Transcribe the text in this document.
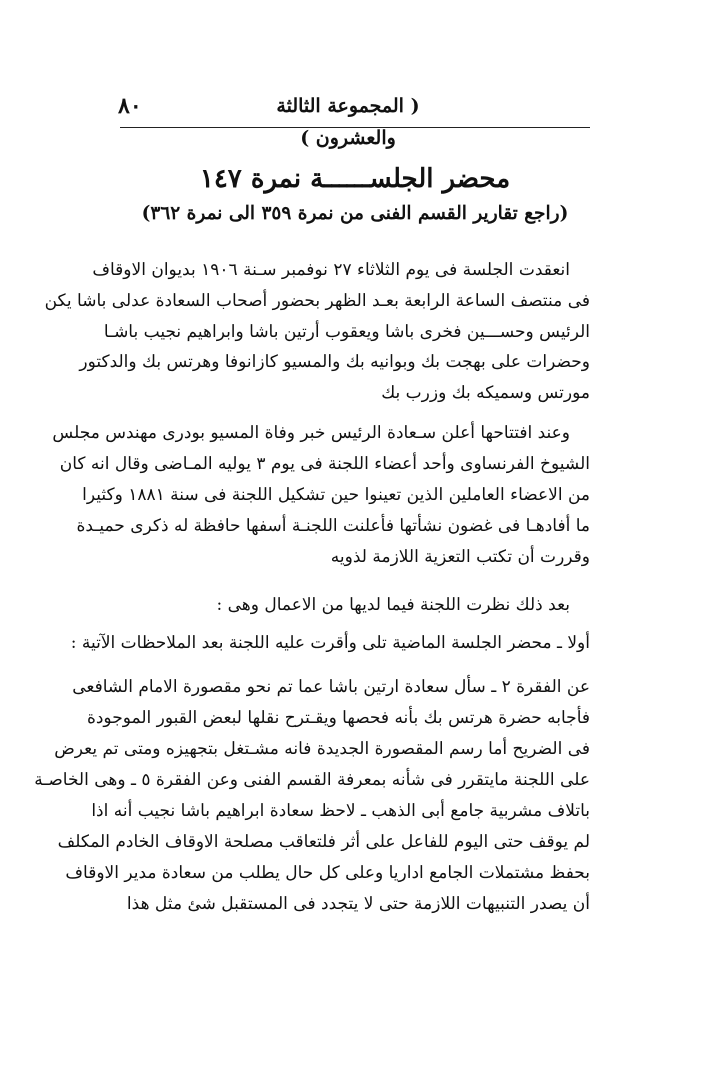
٨٠	( المجموعة الثالثة والعشرون )
محضر الجلســــــة نمرة ١٤٧
(راجع تقارير القسم الفنى من نمرة ٣٥٩ الى نمرة ٣٦٢)
انعقدت الجلسة فى يوم الثلاثاء ٢٧ نوفمبر سـنة ١٩٠٦ بديوان الاوقاف
فى منتصف الساعة الرابعة بعـد الظهر بحضور أصحاب السعادة عدلى باشا يكن
الرئيس وحســـين فخرى باشا ويعقوب أرتين باشا وابراهيم نجيب باشـا
وحضرات على بهجت بك وبوانيه بك والمسيو كازانوفا وهرتس بك والدكتور
مورتس وسميكه بك وزرب بك
وعند افتتاحها أعلن سـعادة الرئيس خبر وفاة المسيو بودرى مهندس مجلس
الشيوخ الفرنساوى وأحد أعضاء اللجنة فى يوم ٣ يوليه المـاضى وقال انه كان
من الاعضاء العاملين الذين تعينوا حين تشكيل اللجنة فى سنة ١٨٨١ وكثيرا
ما أفادهـا فى غضون نشأتها فأعلنت اللجنـة أسفها حافظة له ذكرى حميـدة
وقررت أن تكتب التعزية اللازمة لذويه
بعد ذلك نظرت اللجنة فيما لديها من الاعمال وهى :
أولا ـ محضر الجلسة الماضية تلى وأقرت عليه اللجنة بعد الملاحظات الآتية :
عن الفقرة ٢ ـ سأل سعادة ارتين باشا عما تم نحو مقصورة الامام الشافعى
فأجابه حضرة هرتس بك بأنه فحصها ويقـترح نقلها لبعض القبور الموجودة
فى الضريح أما رسم المقصورة الجديدة فانه مشـتغل بتجهيزه ومتى تم يعرض
على اللجنة مايتقرر فى شأنه بمعرفة القسم الفنى وعن الفقرة ٥ ـ وهى الخاصـة
باتلاف مشربية جامع أبى الذهب ـ لاحظ سعادة ابراهيم باشا نجيب أنه اذا
لم يوقف حتى اليوم للفاعل على أثر فلتعاقب مصلحة الاوقاف الخادم المكلف
بحفظ مشتملات الجامع اداريا وعلى كل حال يطلب من سعادة مدير الاوقاف
أن يصدر التنبيهات اللازمة حتى لا يتجدد فى المستقبل شئ مثل هذا
